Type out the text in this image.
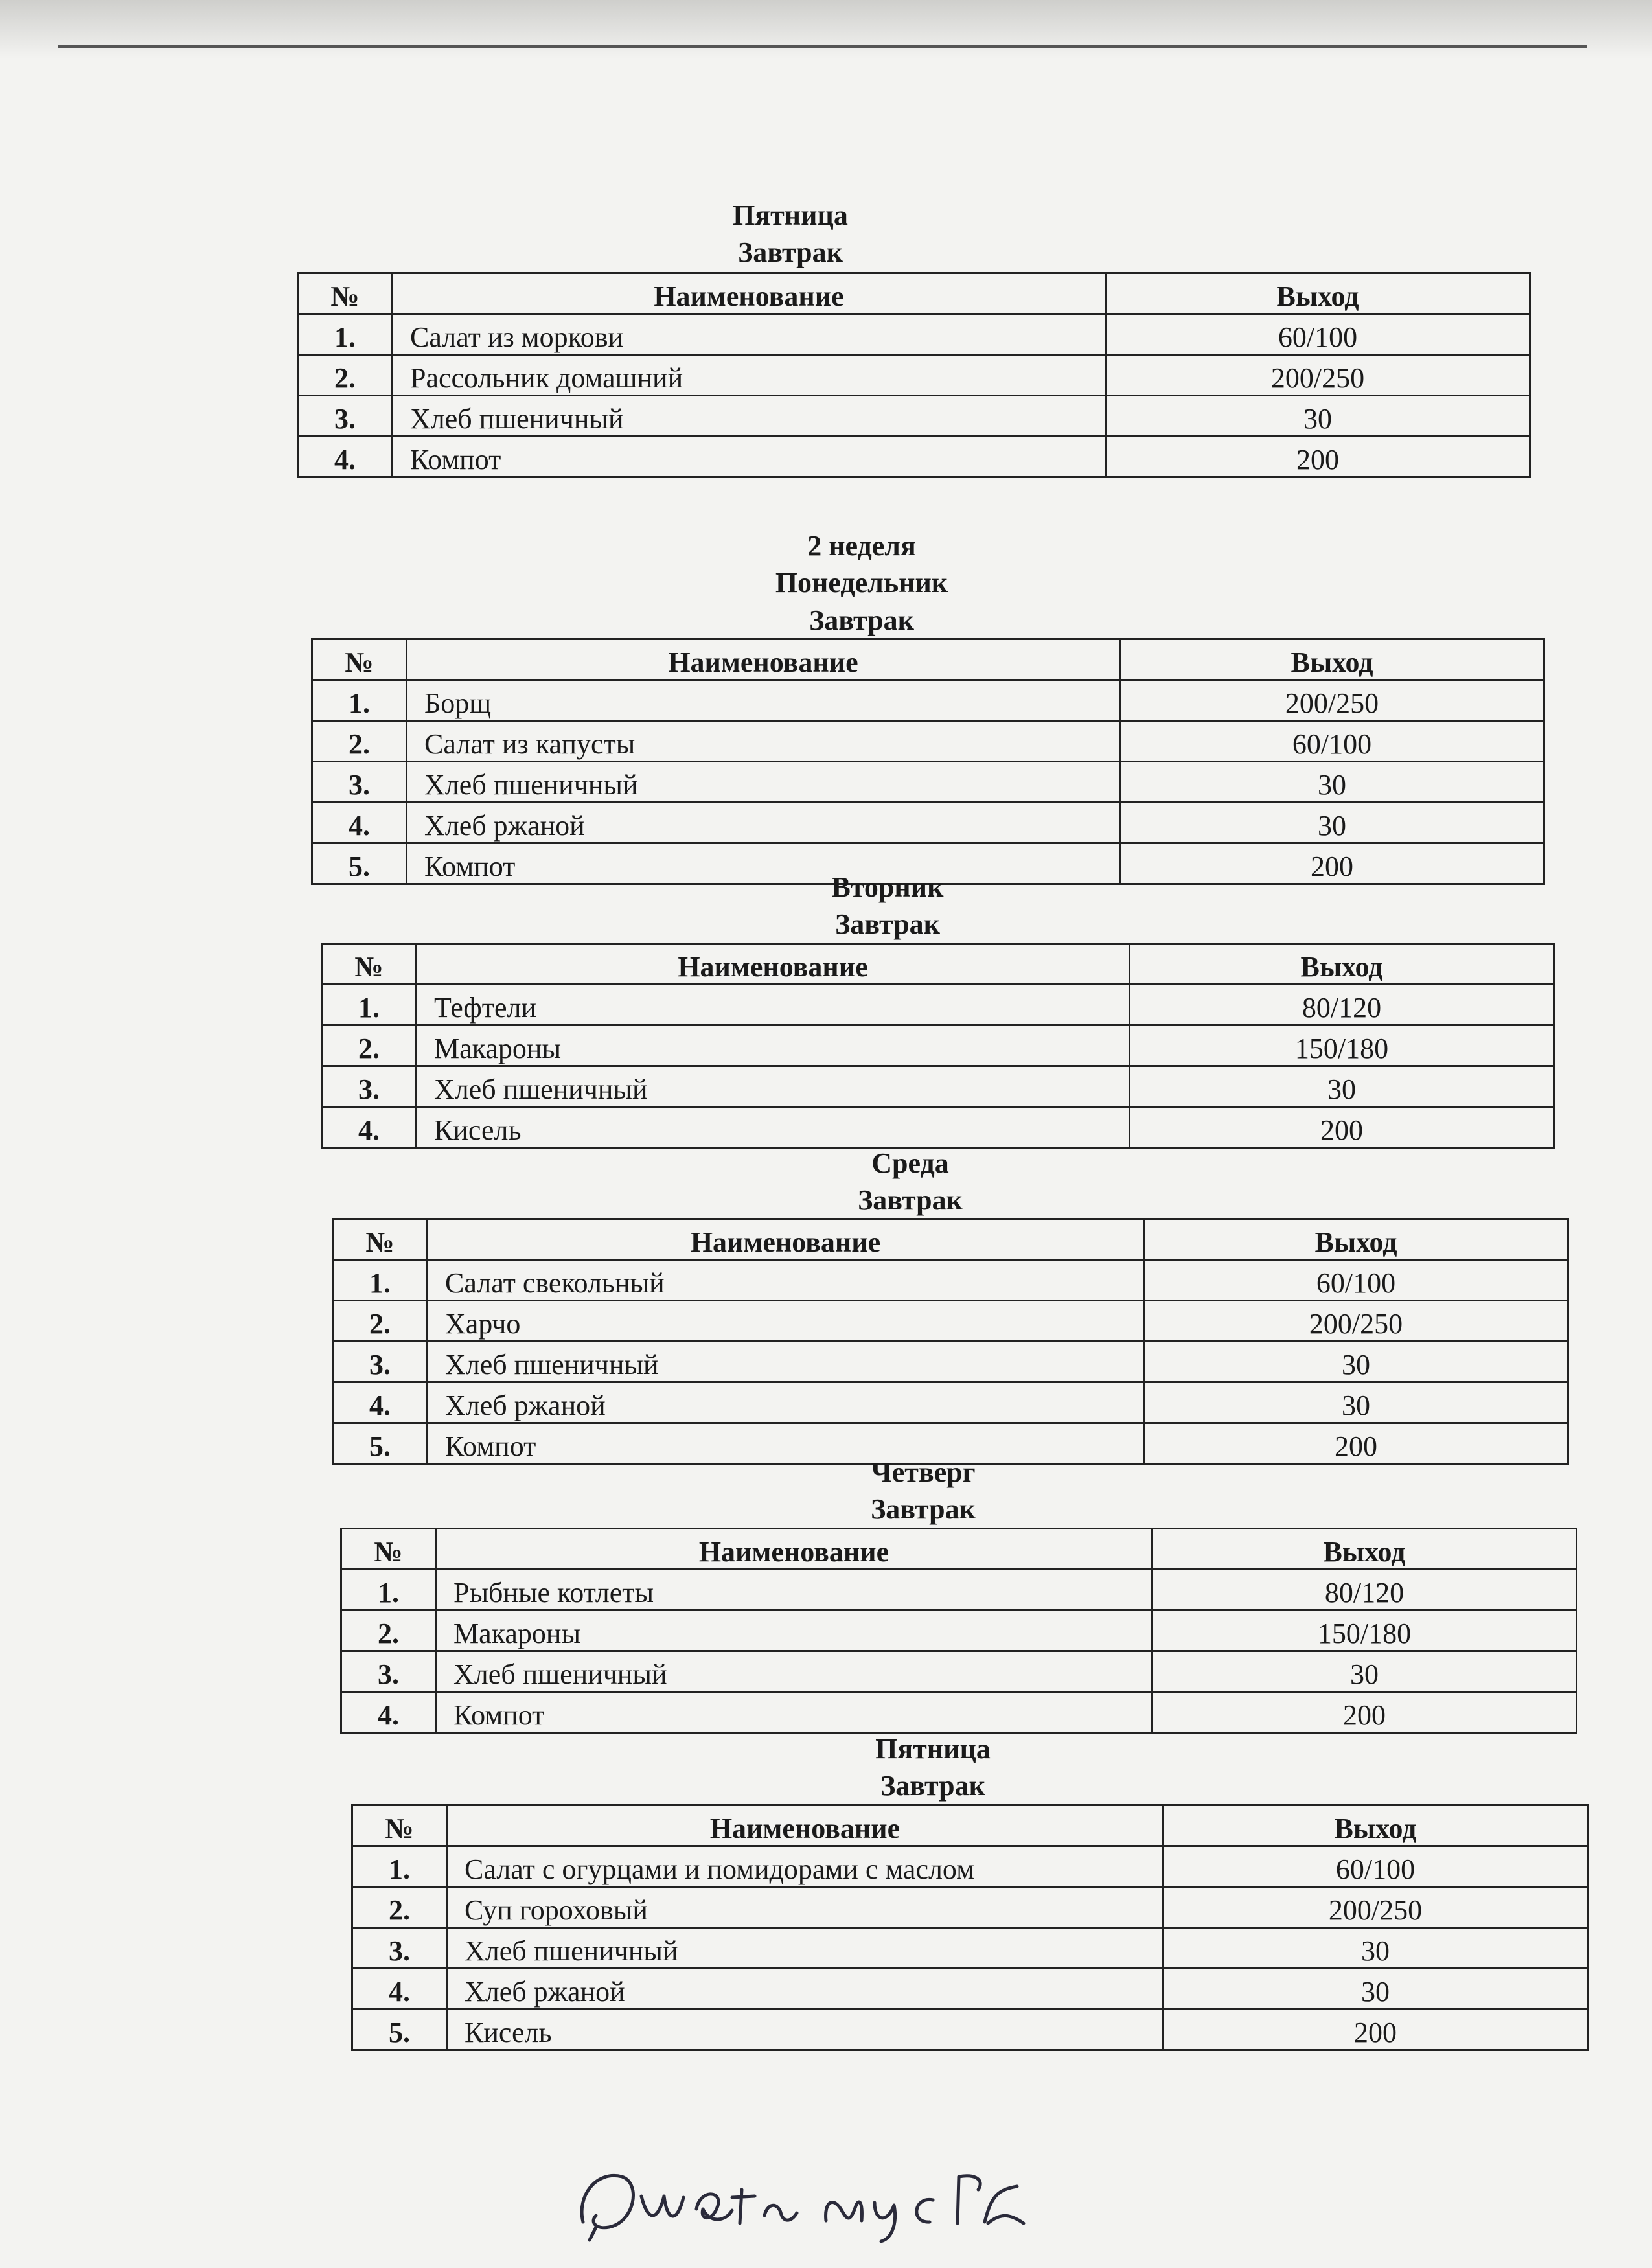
Пятница
Завтрак
№	Наименование	Выход
1.	Салат из моркови	60/100
2.	Рассольник домашний	200/250
3.	Хлеб пшеничный	30
4.	Компот	200
2 неделя
Понедельник
Завтрак
№	Наименование	Выход
1.	Борщ	200/250
2.	Салат из капусты	60/100
3.	Хлеб пшеничный	30
4.	Хлеб ржаной	30
5.	Компот	200
Вторник
Завтрак
№	Наименование	Выход
1.	Тефтели	80/120
2.	Макароны	150/180
3.	Хлеб пшеничный	30
4.	Кисель	200
Среда
Завтрак
№	Наименование	Выход
1.	Салат свекольный	60/100
2.	Харчо	200/250
3.	Хлеб пшеничный	30
4.	Хлеб ржаной	30
5.	Компот	200
Четверг
Завтрак
№	Наименование	Выход
1.	Рыбные котлеты	80/120
2.	Макароны	150/180
3.	Хлеб пшеничный	30
4.	Компот	200
Пятница
Завтрак
№	Наименование	Выход
1.	Салат с огурцами и помидорами с маслом	60/100
2.	Суп гороховый	200/250
3.	Хлеб пшеничный	30
4.	Хлеб ржаной	30
5.	Кисель	200
